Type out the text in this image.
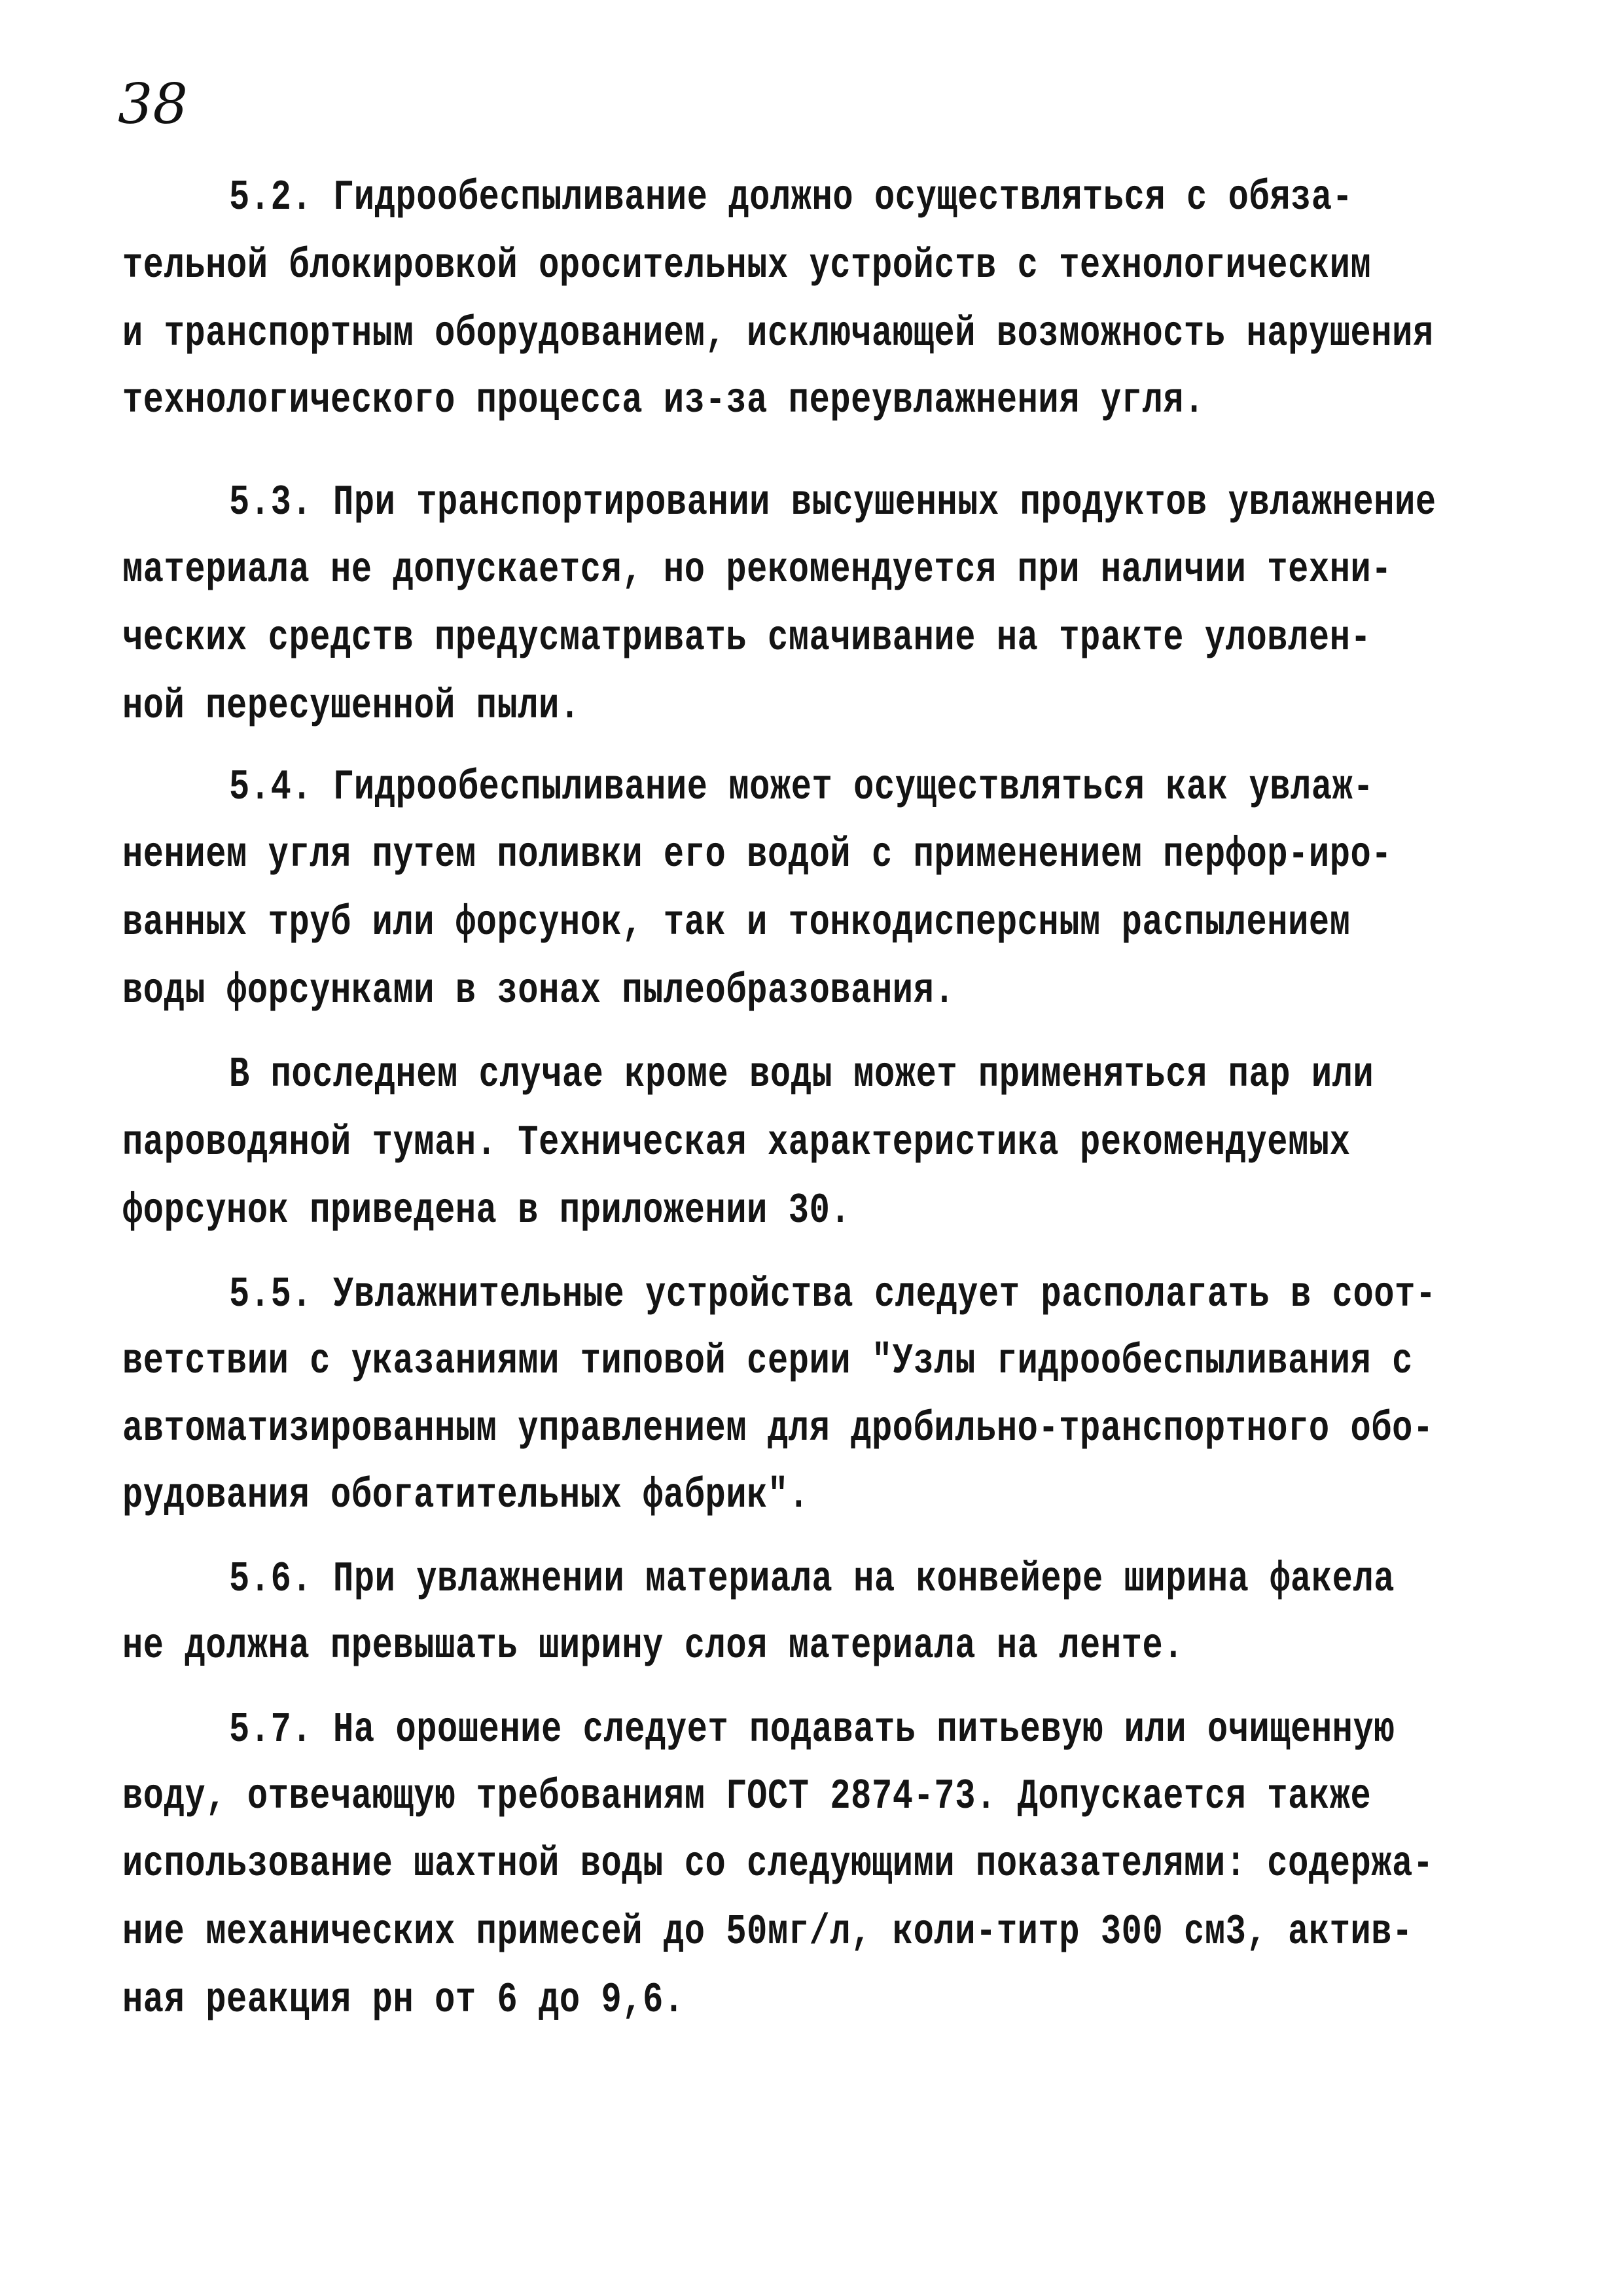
38
5.2. Гидрообеспыливание должно осуществляться с обяза-
тельной блокировкой оросительных устройств с технологическим
и транспортным оборудованием, исключающей возможность нарушения
технологического процесса из-за переувлажнения угля.
5.3. При транспортировании высушенных продуктов увлажнение
материала не допускается, но рекомендуется при наличии техни-
ческих средств предусматривать смачивание на тракте уловлен-
ной пересушенной пыли.
5.4. Гидрообеспыливание может осуществляться как увлаж-
нением угля путем поливки его водой с применением перфор-иро-
ванных труб или форсунок, так и тонкодисперсным распылением
воды форсунками в зонах пылеобразования.
В последнем случае кроме воды может применяться пар или
пароводяной туман. Техническая характеристика рекомендуемых
форсунок приведена в приложении 30.
5.5. Увлажнительные устройства следует располагать в соот-
ветствии с указаниями типовой серии "Узлы гидрообеспыливания с
автоматизированным управлением для дробильно-транспортного обо-
рудования обогатительных фабрик".
5.6. При увлажнении материала на конвейере ширина факела
не должна превышать ширину слоя материала на ленте.
5.7. На орошение следует подавать питьевую или очищенную
воду, отвечающую требованиям ГОСТ 2874-73. Допускается также
использование шахтной воды со следующими показателями: содержа-
ние механических примесей до 50мг/л, коли-титр 300 см3, актив-
ная реакция рн от 6 до 9,6.
